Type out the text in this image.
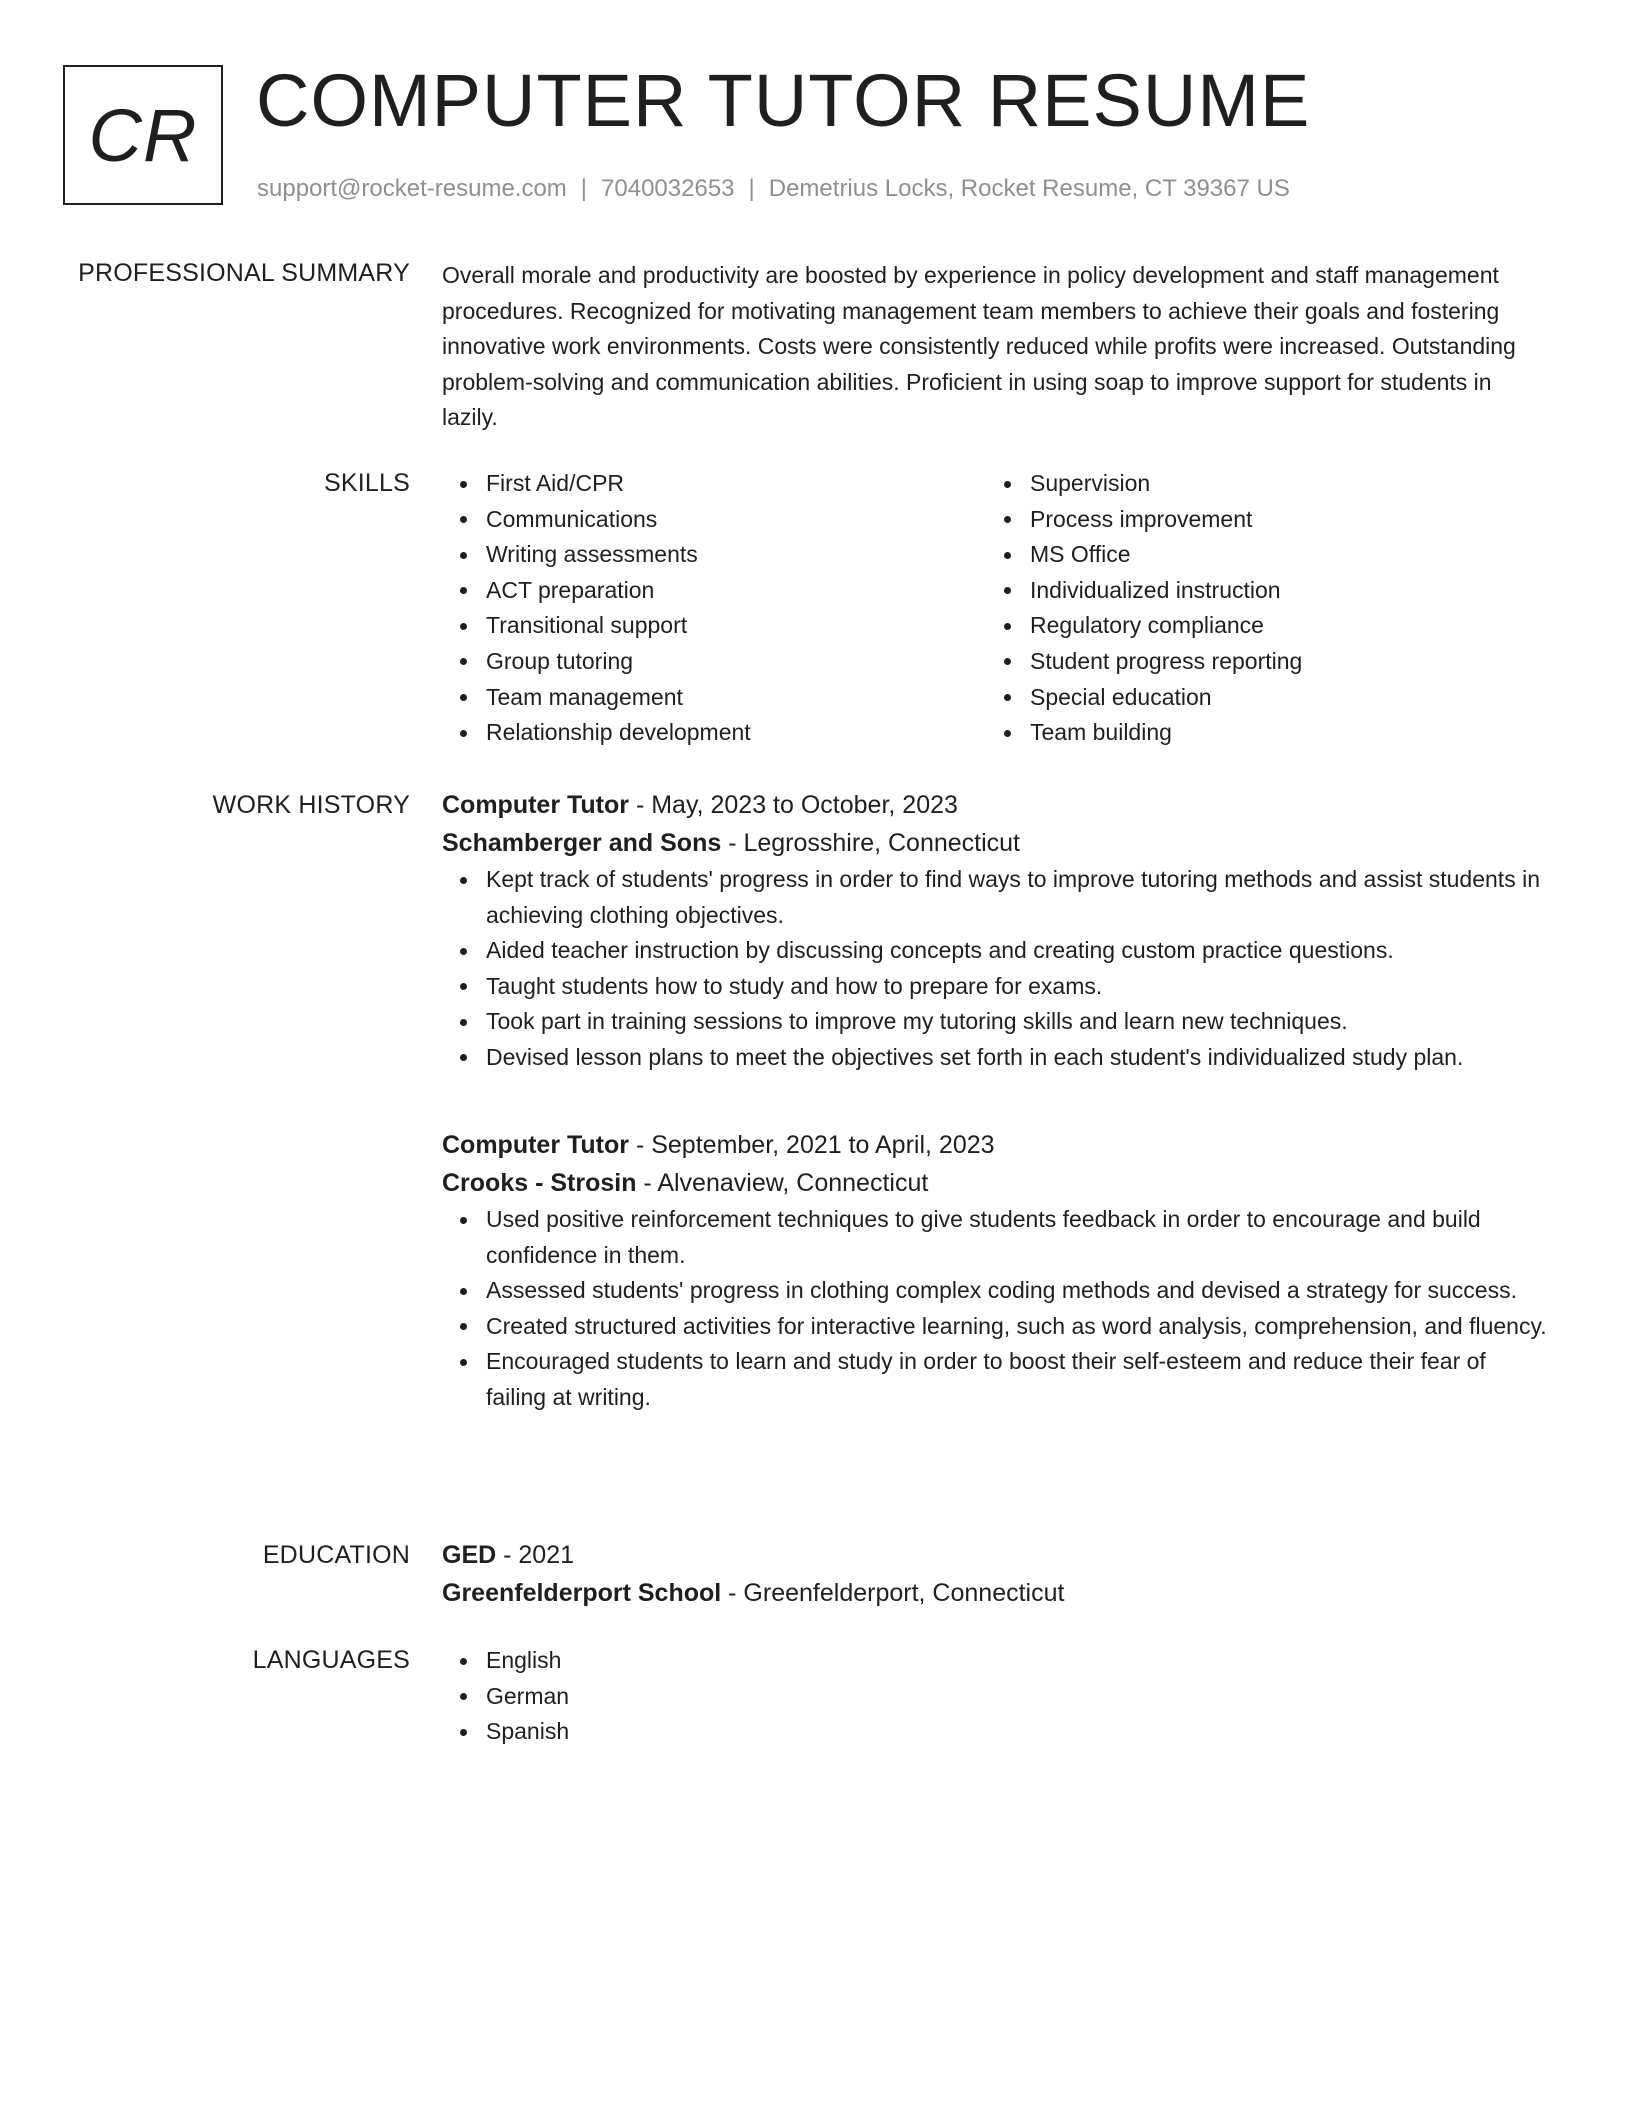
CR COMPUTER TUTOR RESUME
support@rocket-resume.com | 7040032653 | Demetrius Locks, Rocket Resume, CT 39367 US
PROFESSIONAL SUMMARY Overall morale and productivity are boosted by experience in policy development and staff management procedures. Recognized for motivating management team members to achieve their goals and fostering innovative work environments. Costs were consistently reduced while profits were increased. Outstanding problem-solving and communication abilities. Proficient in using soap to improve support for students in lazily.

SKILLS	First Aid/CPR
Communications
Writing assessments
ACT preparation
Transitional support
Group tutoring
Team management
Relationship development
Supervision
Process improvement
MS Office
Individualized instruction
Regulatory compliance
Student progress reporting
Special education
Team building
WORK HISTORY Computer Tutor - May, 2023 to October, 2023
Schamberger and Sons - Legrosshire, Connecticut
Kept track of students' progress in order to find ways to improve tutoring methods and assist students in achieving clothing objectives.
Aided teacher instruction by discussing concepts and creating custom practice questions.
Taught students how to study and how to prepare for exams.
Took part in training sessions to improve my tutoring skills and learn new techniques.
Devised lesson plans to meet the objectives set forth in each student's individualized study plan.
Computer Tutor - September, 2021 to April, 2023
Crooks - Strosin - Alvenaview, Connecticut
Used positive reinforcement techniques to give students feedback in order to encourage and build confidence in them.
Assessed students' progress in clothing complex coding methods and devised a strategy for success.
Created structured activities for interactive learning, such as word analysis, comprehension, and fluency.
Encouraged students to learn and study in order to boost their self-esteem and reduce their fear of failing at writing.
EDUCATION GED - 2021
Greenfelderport School - Greenfelderport, Connecticut
LANGUAGES	English
German
Spanish
